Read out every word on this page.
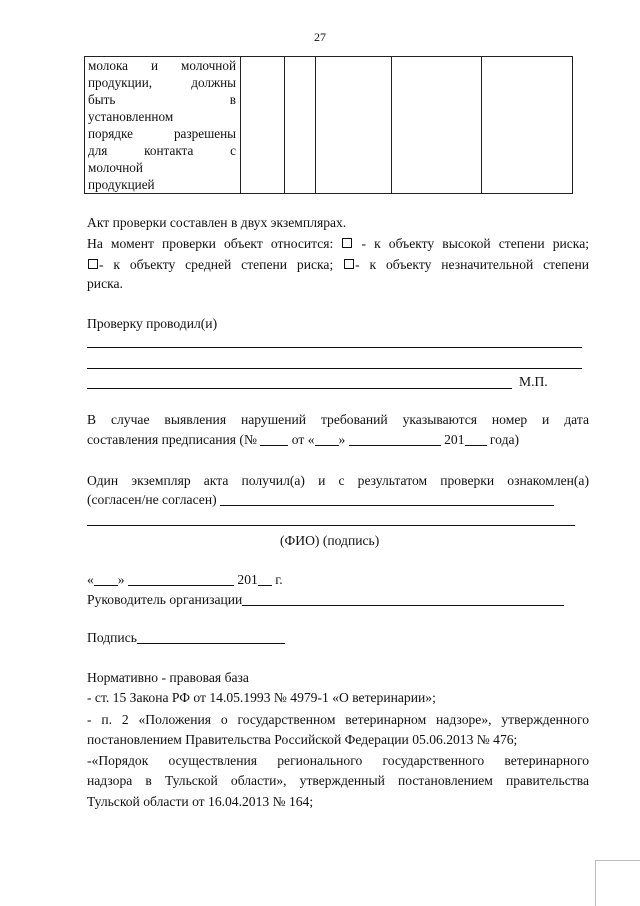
27
молока и молочной
продукции, должны
быть в
установленном
порядке разрешены
для контакта с
молочной
продукцией

Акт проверки составлен в двух экземплярах.
На момент проверки объект относится: - к объекту высокой степени риска;
- к объекту средней степени риска; - к объекту незначительной степени
риска.
Проверку проводил(и)
М.П.
В случае выявления нарушений требований указываются номер и дата
составления предписания (№	от « »	201 года)
Один экземпляр акта получил(а) и с результатом проверки ознакомлен(а)
(согласен/не согласен)
(ФИО) (подпись)
« »	201 г.
Руководитель организации
Подпись
Нормативно - правовая база
- ст. 15 Закона РФ от 14.05.1993 № 4979-1 «О ветеринарии»;
- п. 2 «Положения о государственном ветеринарном надзоре», утвержденного
постановлением Правительства Российской Федерации 05.06.2013 № 476;
-«Порядок осуществления регионального государственного ветеринарного
надзора в Тульской области», утвержденный постановлением правительства
Тульской области от 16.04.2013 № 164;
